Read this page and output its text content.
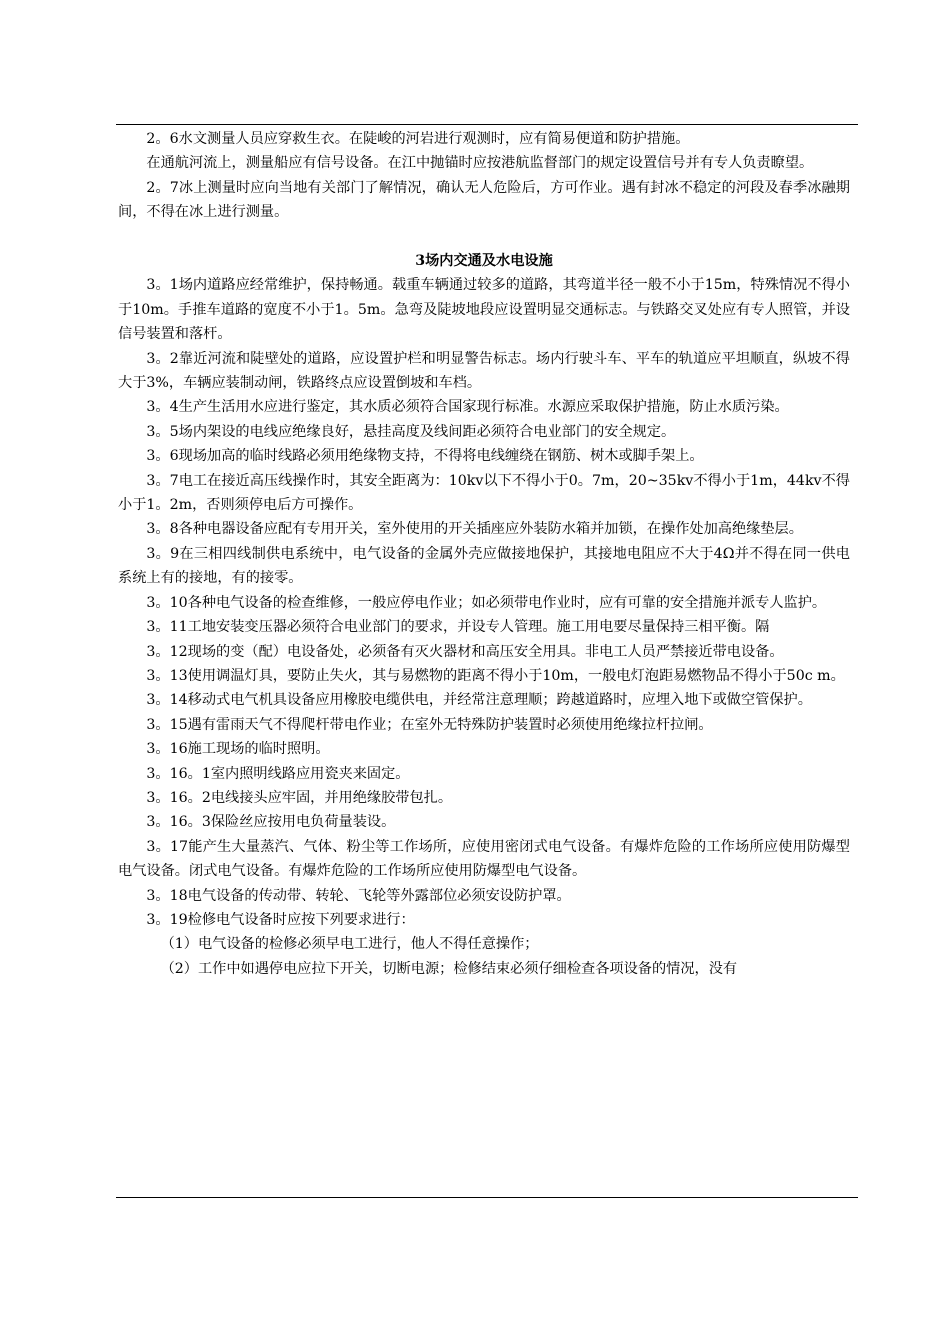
2。6水文测量人员应穿救生衣。在陡峻的河岩进行观测时，应有简易便道和防护措施。

在通航河流上，测量船应有信号设备。在江中抛锚时应按港航监督部门的规定设置信号并有专人负责瞭望。

2。7冰上测量时应向当地有关部门了解情况，确认无人危险后，方可作业。遇有封冰不稳定的河段及春季冰融期间，不得在冰上进行测量。

3场内交通及水电设施

3。1场内道路应经常维护，保持畅通。载重车辆通过较多的道路，其弯道半径一般不小于15m，特殊情况不得小于10m。手推车道路的宽度不小于1。5m。急弯及陡坡地段应设置明显交通标志。与铁路交叉处应有专人照管，并设信号装置和落杆。

3。2靠近河流和陡壁处的道路，应设置护栏和明显警告标志。场内行驶斗车、平车的轨道应平坦顺直，纵坡不得大于3%，车辆应装制动闸，铁路终点应设置倒坡和车档。

3。4生产生活用水应进行鉴定，其水质必须符合国家现行标准。水源应采取保护措施，防止水质污染。

3。5场内架设的电线应绝缘良好，悬挂高度及线间距必须符合电业部门的安全规定。

3。6现场加高的临时线路必须用绝缘物支持，不得将电线缠绕在钢筋、树木或脚手架上。

3。7电工在接近高压线操作时，其安全距离为：10kv以下不得小于0。7m，20~35kv不得小于1m，44kv不得小于1。2m，否则须停电后方可操作。

3。8各种电器设备应配有专用开关，室外使用的开关插座应外装防水箱并加锁，在操作处加高绝缘垫层。

3。9在三相四线制供电系统中，电气设备的金属外壳应做接地保护，其接地电阻应不大于4Ω并不得在同一供电系统上有的接地，有的接零。

3。10各种电气设备的检查维修，一般应停电作业；如必须带电作业时，应有可靠的安全措施并派专人监护。

3。11工地安装变压器必须符合电业部门的要求，并设专人管理。施工用电要尽量保持三相平衡。隔

3。12现场的变（配）电设备处，必须备有灭火器材和高压安全用具。非电工人员严禁接近带电设备。

3。13使用调温灯具，要防止失火，其与易燃物的距离不得小于10m，一般电灯泡距易燃物品不得小于50c m。

3。14移动式电气机具设备应用橡胶电缆供电，并经常注意理顺；跨越道路时，应埋入地下或做空管保护。

3。15遇有雷雨天气不得爬杆带电作业；在室外无特殊防护装置时必须使用绝缘拉杆拉闸。

3。16施工现场的临时照明。

3。16。1室内照明线路应用瓷夹来固定。

3。16。2电线接头应牢固，并用绝缘胶带包扎。

3。16。3保险丝应按用电负荷量装设。

3。17能产生大量蒸汽、气体、粉尘等工作场所，应使用密闭式电气设备。有爆炸危险的工作场所应使用防爆型电气设备。闭式电气设备。有爆炸危险的工作场所应使用防爆型电气设备。

3。18电气设备的传动带、转轮、飞轮等外露部位必须安设防护罩。

3。19检修电气设备时应按下列要求进行：

（1）电气设备的检修必须早电工进行，他人不得任意操作；

（2）工作中如遇停电应拉下开关，切断电源；检修结束必须仔细检查各项设备的情况，没有
